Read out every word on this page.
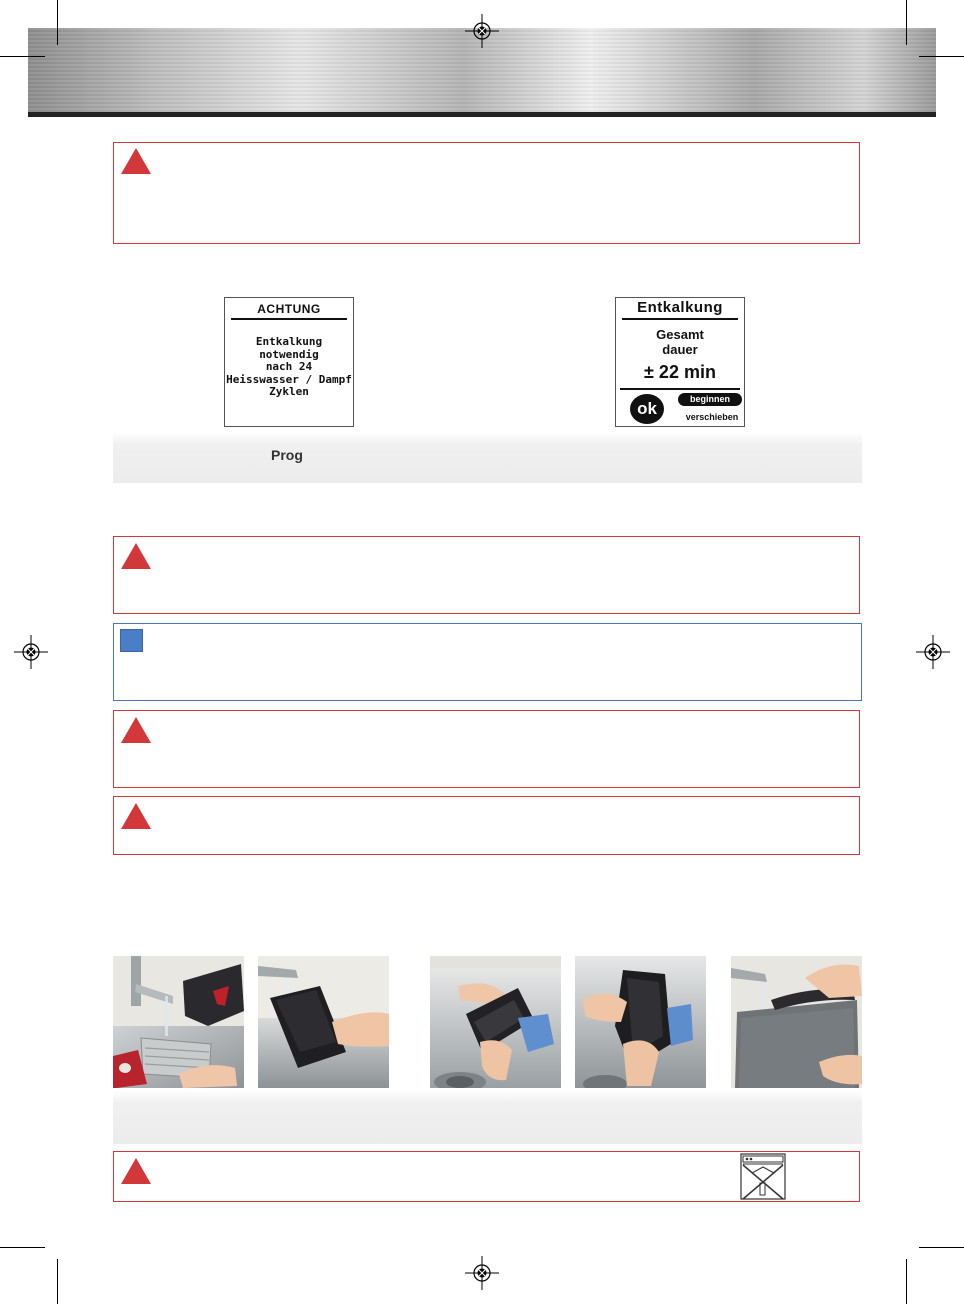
ACHTUNG
Entkalkung
notwendig
nach 24
Heisswasser / Dampf
Zyklen
Entkalkung
Gesamt
dauer
± 22 min
ok	beginnen
verschieben
Prog
